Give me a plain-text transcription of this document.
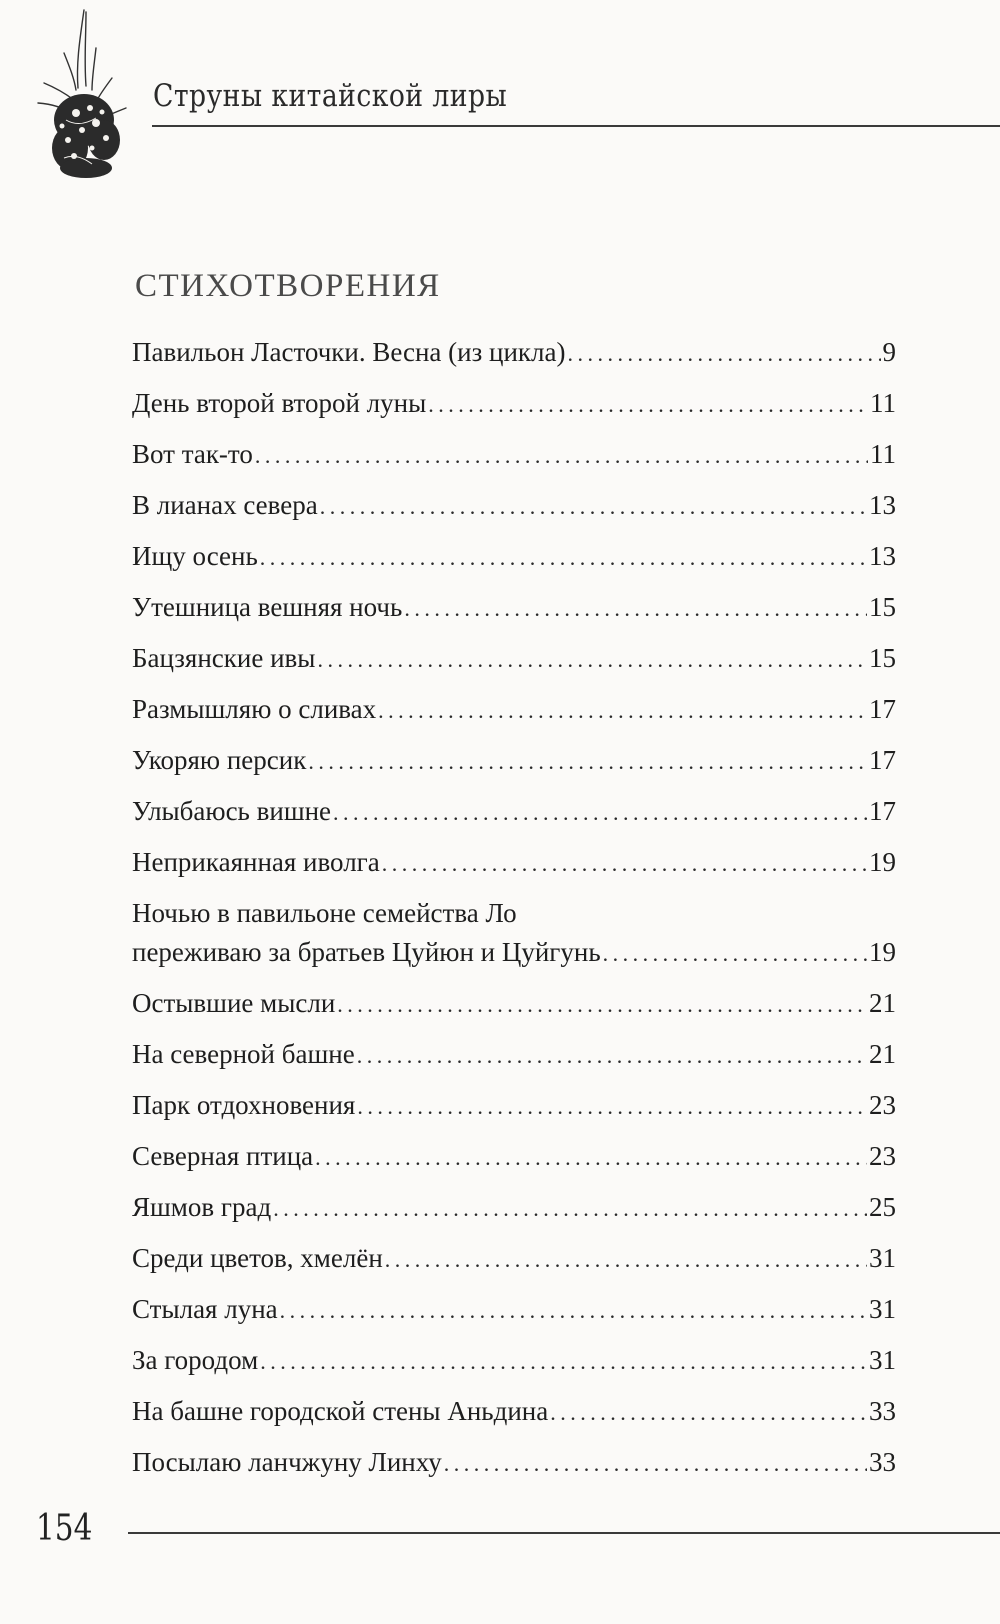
Струны китайской лиры
СТИХОТВОРЕНИЯ
Павильон Ласточки. Весна (из цикла) .....	9
День второй второй луны .....	11
Вот так-то .....	11
В лианах севера .....	13
Ищу осень .....	13
Утешница вешняя ночь .....	15
Бацзянские ивы .....	15
Размышляю о сливах .....	17
Укоряю персик .....	17
Улыбаюсь вишне .....	17
Неприкаянная иволга .....	19
Ночью в павильоне семейства Ло
переживаю за братьев Цуйюн и Цуйгунь .....	19
Остывшие мысли .....	21
На северной башне .....	21
Парк отдохновения .....	23
Северная птица .....	23
Яшмов град .....	25
Среди цветов, хмелён .....	31
Стылая луна .....	31
За городом .....	31
На башне городской стены Аньдина .....	33
Посылаю ланчжуну Линху .....	33
154
